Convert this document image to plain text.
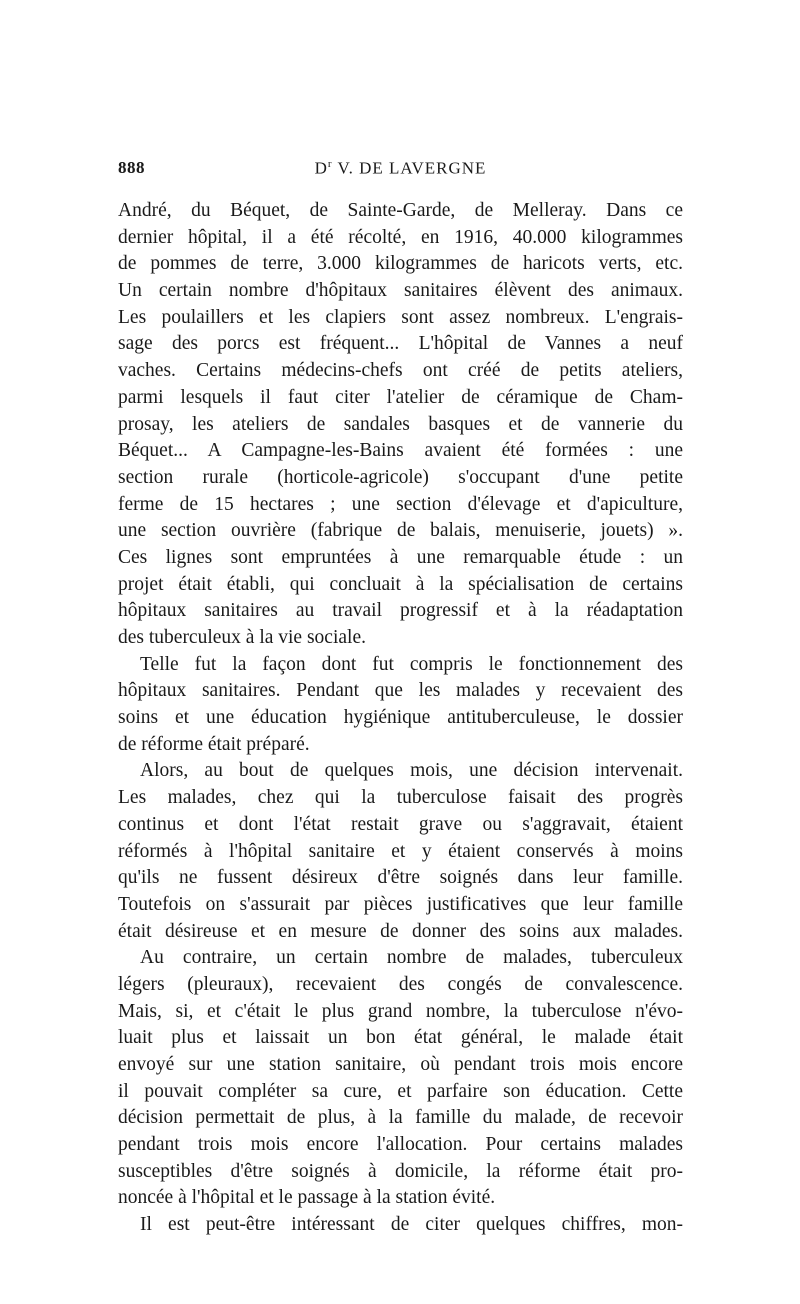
888	$D^r$ V. DE LAVERGNE
André, du Béquet, de Sainte-Garde, de Melleray. Dans ce
dernier hôpital, il a été récolté, en 1916, 40.000 kilogrammes
de pommes de terre, 3.000 kilogrammes de haricots verts, etc.
Un certain nombre d'hôpitaux sanitaires élèvent des animaux.
Les poulaillers et les clapiers sont assez nombreux. L'engrais-
sage des porcs est fréquent... L'hôpital de Vannes a neuf
vaches. Certains médecins-chefs ont créé de petits ateliers,
parmi lesquels il faut citer l'atelier de céramique de Cham-
prosay, les ateliers de sandales basques et de vannerie du
Béquet... A Campagne-les-Bains avaient été formées : une
section rurale (horticole-agricole) s'occupant d'une petite
ferme de 15 hectares ; une section d'élevage et d'apiculture,
une section ouvrière (fabrique de balais, menuiserie, jouets) ».
Ces lignes sont empruntées à une remarquable étude : un
projet était établi, qui concluait à la spécialisation de certains
hôpitaux sanitaires au travail progressif et à la réadaptation
des tuberculeux à la vie sociale.
Telle fut la façon dont fut compris le fonctionnement des
hôpitaux sanitaires. Pendant que les malades y recevaient des
soins et une éducation hygiénique antituberculeuse, le dossier
de réforme était préparé.
Alors, au bout de quelques mois, une décision intervenait.
Les malades, chez qui la tuberculose faisait des progrès
continus et dont l'état restait grave ou s'aggravait, étaient
réformés à l'hôpital sanitaire et y étaient conservés à moins
qu'ils ne fussent désireux d'être soignés dans leur famille.
Toutefois on s'assurait par pièces justificatives que leur famille
était désireuse et en mesure de donner des soins aux malades.
Au contraire, un certain nombre de malades, tuberculeux
légers (pleuraux), recevaient des congés de convalescence.
Mais, si, et c'était le plus grand nombre, la tuberculose n'évo-
luait plus et laissait un bon état général, le malade était
envoyé sur une station sanitaire, où pendant trois mois encore
il pouvait compléter sa cure, et parfaire son éducation. Cette
décision permettait de plus, à la famille du malade, de recevoir
pendant trois mois encore l'allocation. Pour certains malades
susceptibles d'être soignés à domicile, la réforme était pro-
noncée à l'hôpital et le passage à la station évité.
Il est peut-être intéressant de citer quelques chiffres, mon-
